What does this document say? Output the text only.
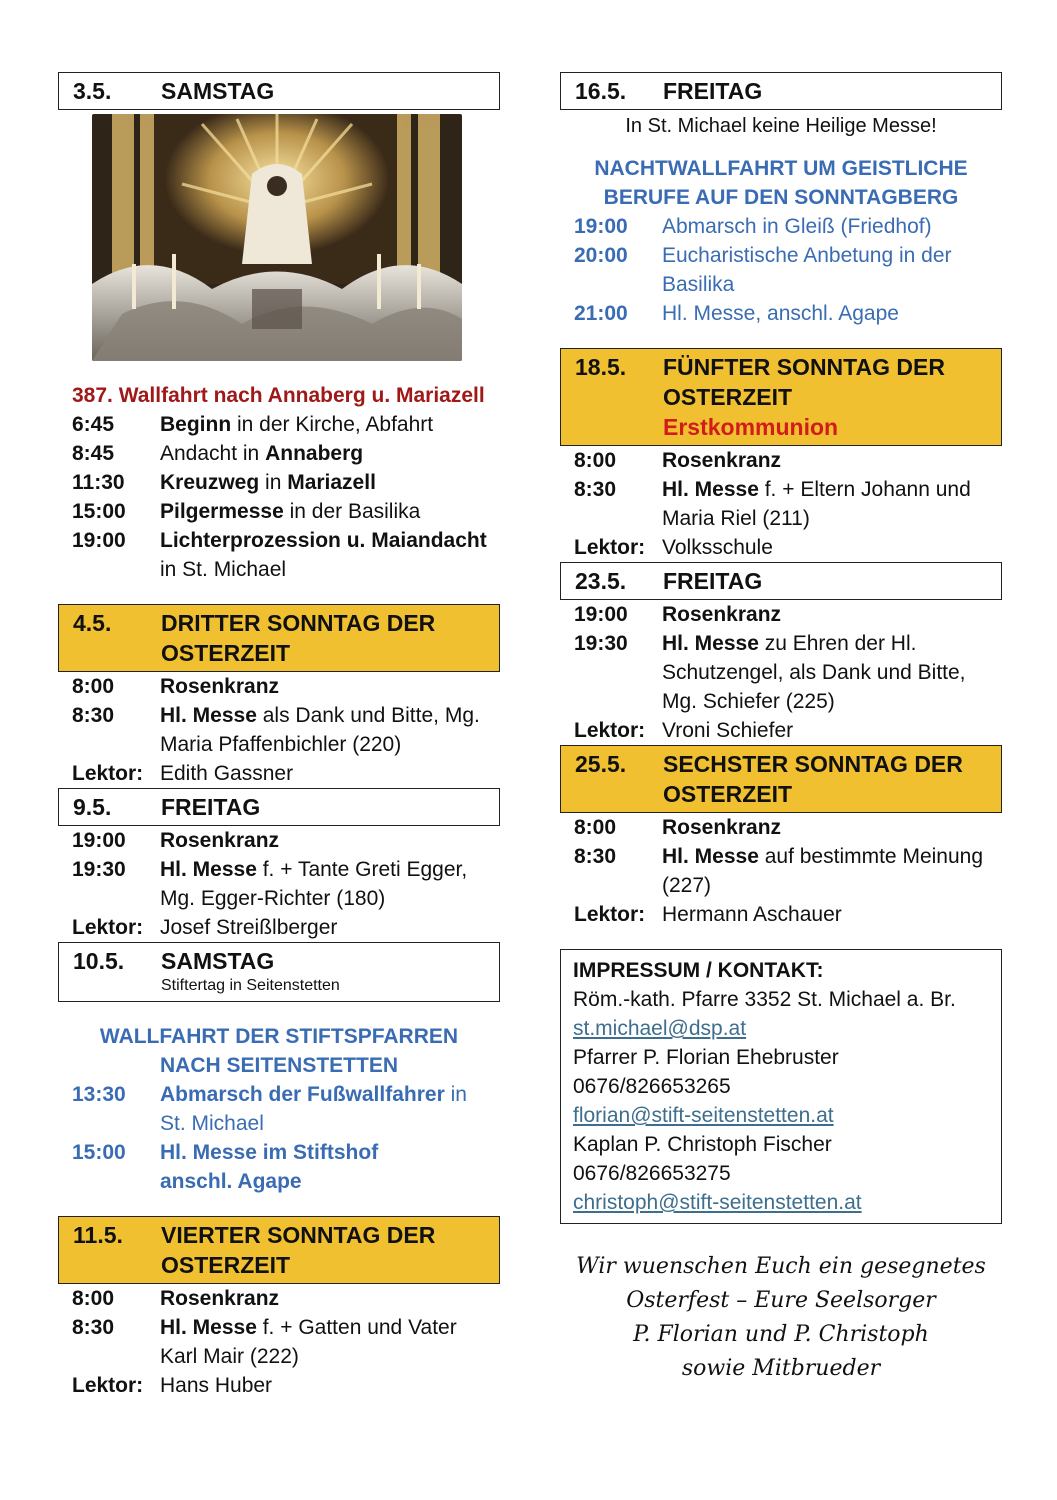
3.5.	SAMSTAG
387. Wallfahrt nach Annaberg u. Mariazell
6:45	Beginn in der Kirche, Abfahrt
8:45	Andacht in Annaberg
11:30	Kreuzweg in Mariazell
15:00	Pilgermesse in der Basilika
19:00	Lichterprozession u. Maiandacht
in St. Michael
4.5.	DRITTER SONNTAG DER OSTERZEIT
8:00	Rosenkranz
8:30	Hl. Messe als Dank und Bitte, Mg.
Maria Pfaffenbichler (220)
Lektor: Edith Gassner
9.5.	FREITAG
19:00	Rosenkranz
19:30	Hl. Messe f. + Tante Greti Egger,
Mg. Egger-Richter (180)
Lektor: Josef Streißlberger
10.5.	SAMSTAG
Stiftertag in Seitenstetten
WALLFAHRT DER STIFTSPFARREN
NACH SEITENSTETTEN
13:30	Abmarsch der Fußwallfahrer in
St. Michael
15:00	Hl. Messe im Stiftshof
anschl. Agape
11.5.	VIERTER SONNTAG DER OSTERZEIT
8:00	Rosenkranz
8:30	Hl. Messe f. + Gatten und Vater
Karl Mair (222)
Lektor: Hans Huber
16.5.	FREITAG
In St. Michael keine Heilige Messe!
NACHTWALLFAHRT UM GEISTLICHE
BERUFE AUF DEN SONNTAGBERG
19:00	Abmarsch in Gleiß (Friedhof)
20:00	Eucharistische Anbetung in der
Basilika
21:00	Hl. Messe, anschl. Agape
18.5.	FÜNFTER SONNTAG DER OSTERZEIT
Erstkommunion
8:00	Rosenkranz
8:30	Hl. Messe f. + Eltern Johann und
Maria Riel (211)
Lektor: Volksschule
23.5.	FREITAG
19:00	Rosenkranz
19:30	Hl. Messe zu Ehren der Hl.
Schutzengel, als Dank und Bitte,
Mg. Schiefer (225)
Lektor: Vroni Schiefer
25.5.	SECHSTER SONNTAG DER OSTERZEIT
8:00	Rosenkranz
8:30	Hl. Messe auf bestimmte Meinung
(227)
Lektor: Hermann Aschauer
IMPRESSUM / KONTAKT:
Röm.-kath. Pfarre 3352 St. Michael a. Br.
st.michael@dsp.at
Pfarrer P. Florian Ehebruster
0676/826653265
florian@stift-seitenstetten.at
Kaplan P. Christoph Fischer
0676/826653275
christoph@stift-seitenstetten.at
Wir wuenschen Euch ein gesegnetes
Osterfest – Eure Seelsorger
P. Florian und P. Christoph
sowie Mitbrueder
